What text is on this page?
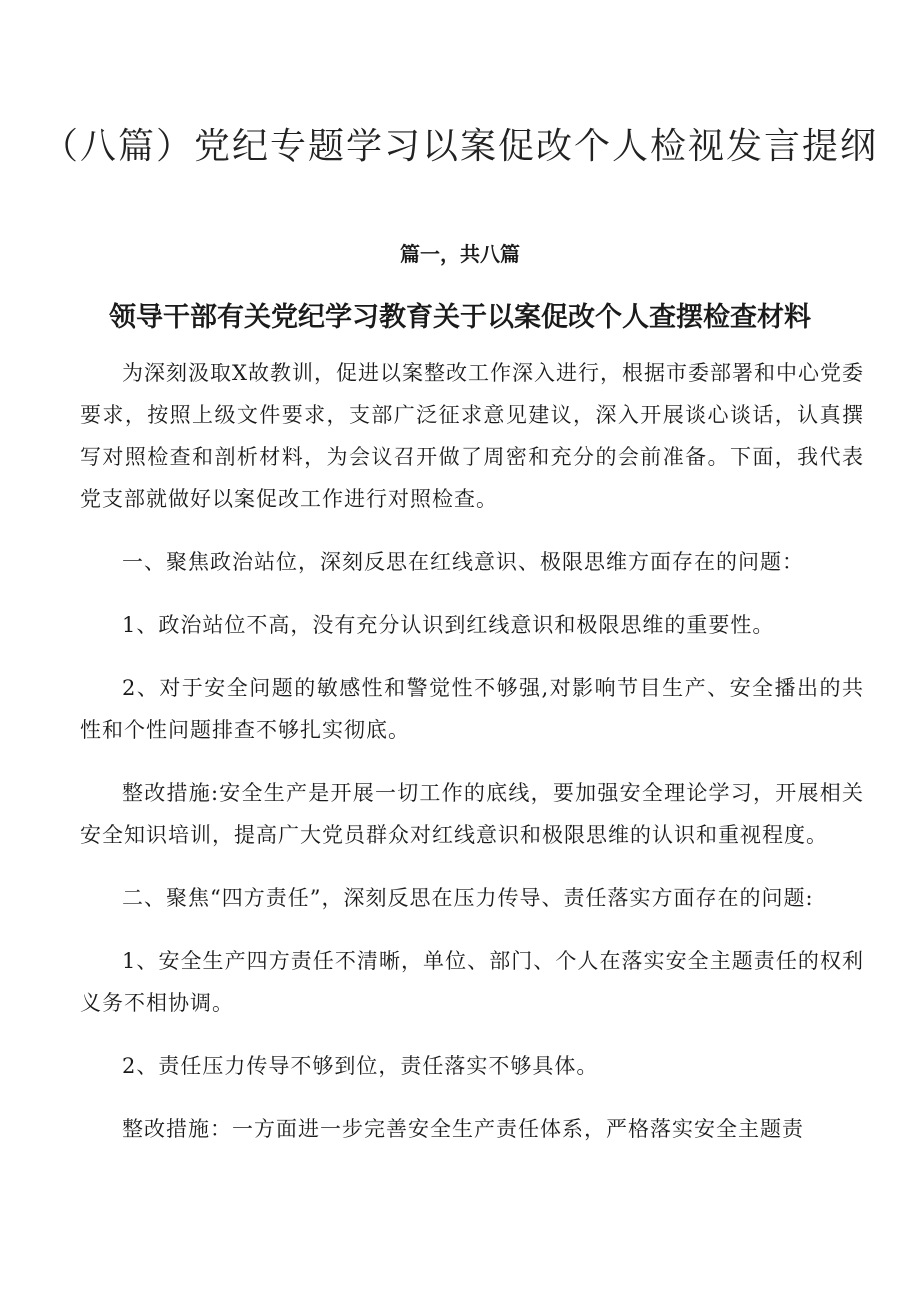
（八篇）党纪专题学习以案促改个人检视发言提纲
篇一，共八篇
领导干部有关党纪学习教育关于以案促改个人查摆检查材料

为深刻汲取X故教训，促进以案整改工作深入进行，根据市委部署和中心党委要求，按照上级文件要求，支部广泛征求意见建议，深入开展谈心谈话，认真撰写对照检查和剖析材料，为会议召开做了周密和充分的会前准备。下面，我代表党支部就做好以案促改工作进行对照检查。

一、聚焦政治站位，深刻反思在红线意识、极限思维方面存在的问题：

1、政治站位不高，没有充分认识到红线意识和极限思维的重要性。

2、对于安全问题的敏感性和警觉性不够强,对影响节目生产、安全播出的共性和个性问题排查不够扎实彻底。

整改措施:安全生产是开展一切工作的底线，要加强安全理论学习，开展相关安全知识培训，提高广大党员群众对红线意识和极限思维的认识和重视程度。

二、聚焦“四方责任”，深刻反思在压力传导、责任落实方面存在的问题:

1、安全生产四方责任不清晰，单位、部门、个人在落实安全主题责任的权利义务不相协调。

2、责任压力传导不够到位，责任落实不够具体。

整改措施：一方面进一步完善安全生产责任体系，严格落实安全主题责
